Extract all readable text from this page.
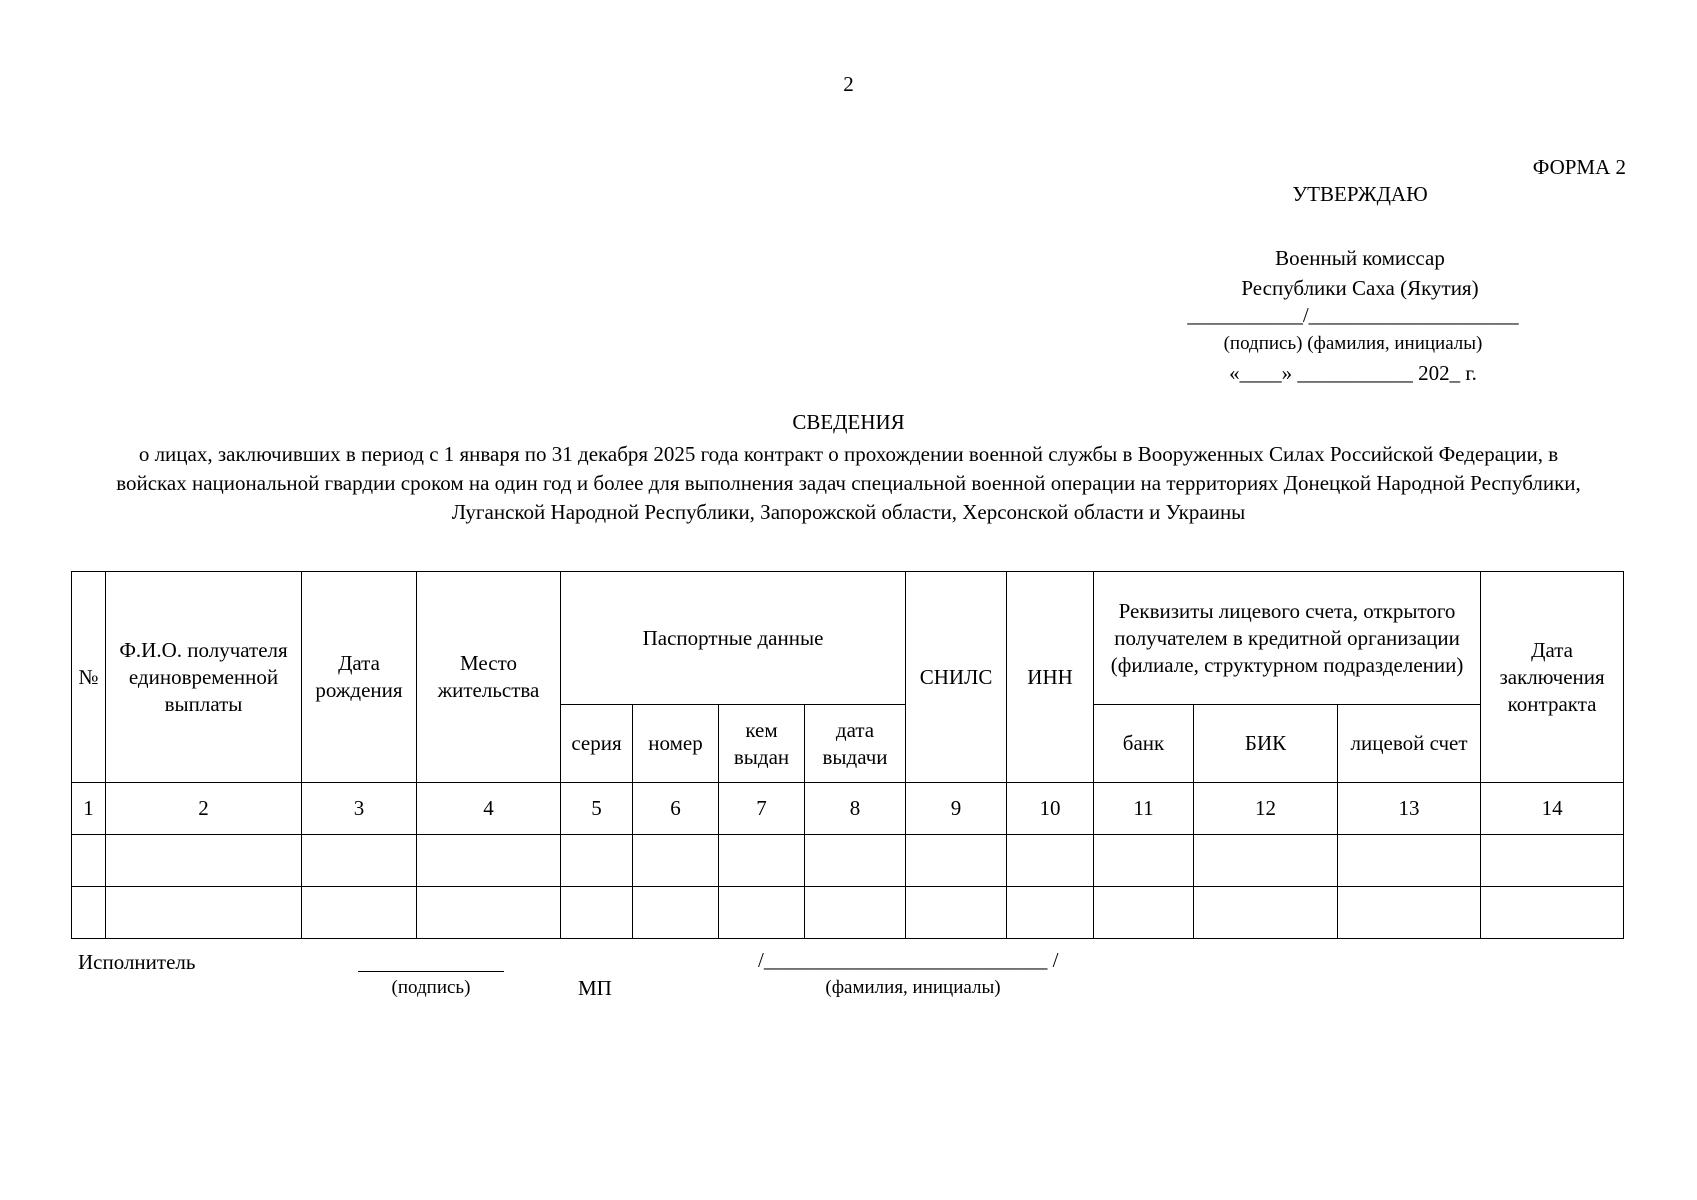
2
ФОРМА 2
УТВЕРЖДАЮ
Военный комиссар
Республики Саха (Якутия)
___________/____________________
(подпись) (фамилия, инициалы)
«____» ___________ 202_ г.
СВЕДЕНИЯ
о лицах, заключивших в период с 1 января по 31 декабря 2025 года контракт о прохождении военной службы в Вооруженных Силах Российской Федерации, в войсках национальной гвардии сроком на один год и более для выполнения задач специальной военной операции на территориях Донецкой Народной Республики, Луганской Народной Республики, Запорожской области, Херсонской области и Украины
№	Ф.И.О. получателя единовременной выплаты	Дата рождения	Место жительства	Паспортные данные				СНИЛС	ИНН	Реквизиты лицевого счета, открытого получателем в кредитной организации (филиале, структурном подразделении)			Дата заключения контракта
				серия	номер	кем выдан	дата выдачи			банк	БИК	лицевой счет	
1	2	3	4	5	6	7	8	9	10	11	12	13	14

Исполнитель
(подпись)	МП
/___________________________ /
(фамилия, инициалы)
